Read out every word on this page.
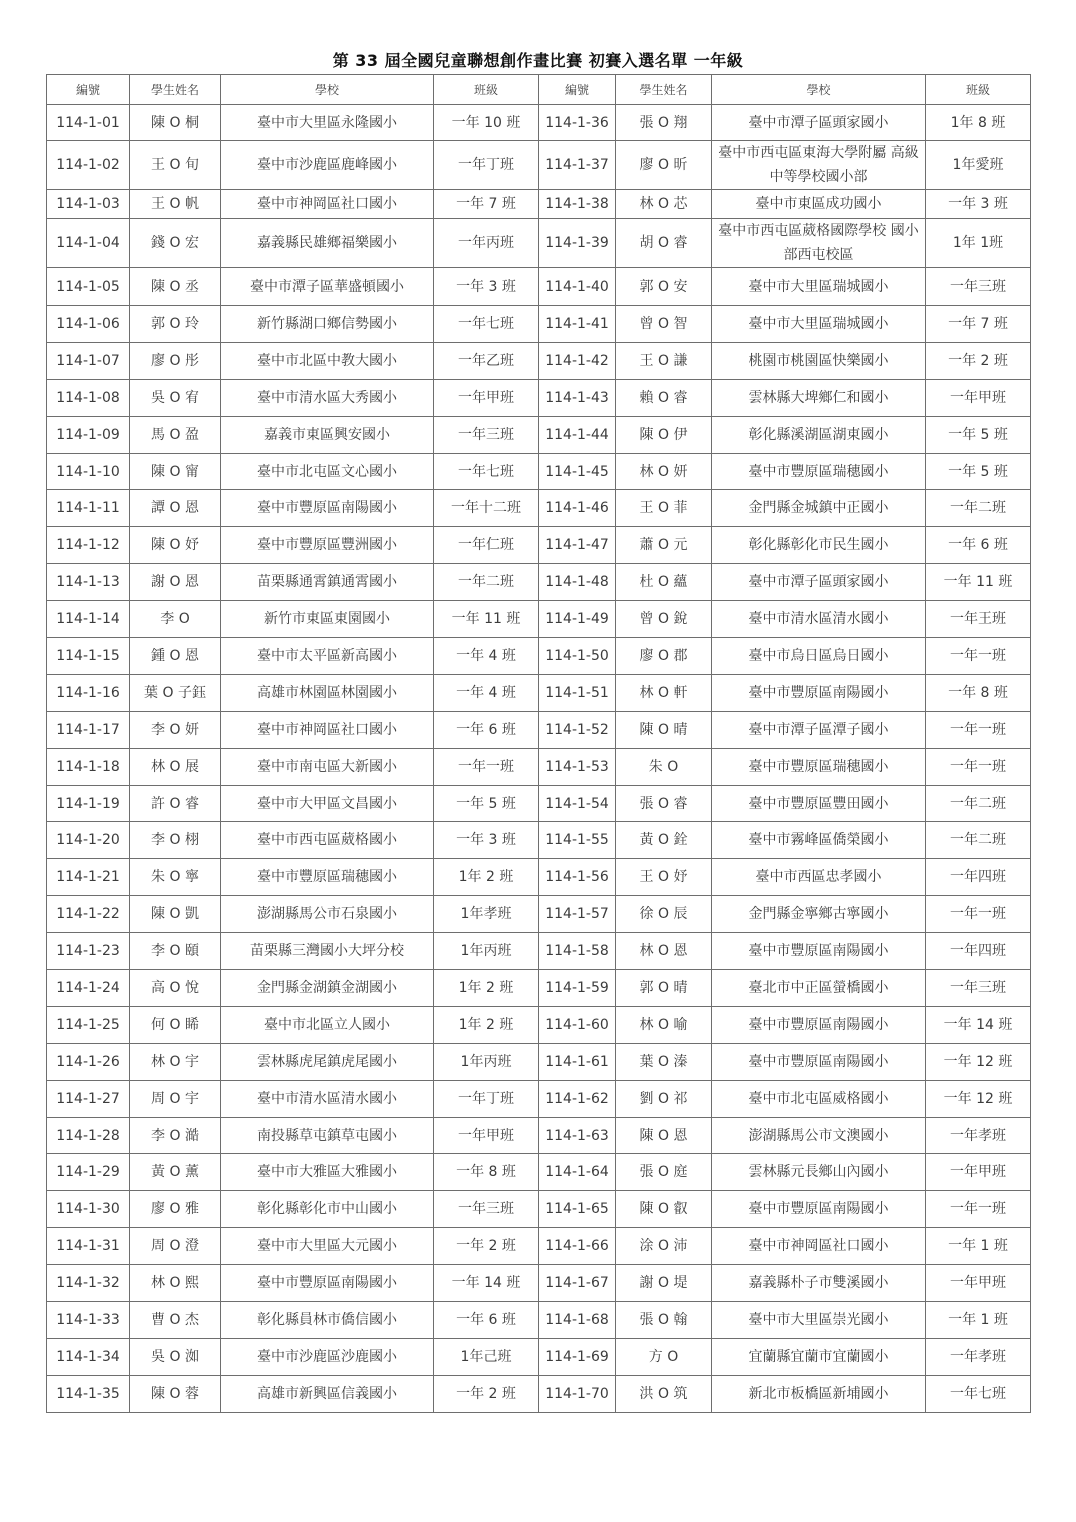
第 33 屆全國兒童聯想創作畫比賽 初賽入選名單 一年級
編號	學生姓名	學校	班級	編號	學生姓名	學校	班級
114-1-01	陳 O 桐	臺中市大里區永隆國小	一年 10 班	114-1-36	張 O 翔	臺中市潭子區頭家國小	1年 8 班
114-1-02	王 O 旬	臺中市沙鹿區鹿峰國小	一年丁班	114-1-37	廖 O 昕	臺中市西屯區東海大學附屬 高級中等學校國小部	1年愛班
114-1-03	王 O 帆	臺中市神岡區社口國小	一年 7 班	114-1-38	林 O 芯	臺中市東區成功國小	一年 3 班
114-1-04	錢 O 宏	嘉義縣民雄鄉福樂國小	一年丙班	114-1-39	胡 O 睿	臺中市西屯區葳格國際學校 國小部西屯校區	1年 1班
114-1-05	陳 O 丞	臺中市潭子區華盛頓國小	一年 3 班	114-1-40	郭 O 安	臺中市大里區瑞城國小	一年三班
114-1-06	郭 O 玲	新竹縣湖口鄉信勢國小	一年七班	114-1-41	曾 O 智	臺中市大里區瑞城國小	一年 7 班
114-1-07	廖 O 彤	臺中市北區中教大國小	一年乙班	114-1-42	王 O 謙	桃園市桃園區快樂國小	一年 2 班
114-1-08	吳 O 宥	臺中市清水區大秀國小	一年甲班	114-1-43	賴 O 睿	雲林縣大埤鄉仁和國小	一年甲班
114-1-09	馬 O 盈	嘉義市東區興安國小	一年三班	114-1-44	陳 O 伊	彰化縣溪湖區湖東國小	一年 5 班
114-1-10	陳 O 甯	臺中市北屯區文心國小	一年七班	114-1-45	林 O 妍	臺中市豐原區瑞穗國小	一年 5 班
114-1-11	譚 O 恩	臺中市豐原區南陽國小	一年十二班	114-1-46	王 O 菲	金門縣金城鎮中正國小	一年二班
114-1-12	陳 O 妤	臺中市豐原區豐洲國小	一年仁班	114-1-47	蕭 O 元	彰化縣彰化市民生國小	一年 6 班
114-1-13	謝 O 恩	苗栗縣通霄鎮通霄國小	一年二班	114-1-48	杜 O 蘊	臺中市潭子區頭家國小	一年 11 班
114-1-14	李 O	新竹市東區東園國小	一年 11 班	114-1-49	曾 O 銳	臺中市清水區清水國小	一年王班
114-1-15	鍾 O 恩	臺中市太平區新高國小	一年 4 班	114-1-50	廖 O 郡	臺中市烏日區烏日國小	一年一班
114-1-16	葉 O 子鈺	高雄市林園區林園國小	一年 4 班	114-1-51	林 O 軒	臺中市豐原區南陽國小	一年 8 班
114-1-17	李 O 妍	臺中市神岡區社口國小	一年 6 班	114-1-52	陳 O 晴	臺中市潭子區潭子國小	一年一班
114-1-18	林 O 展	臺中市南屯區大新國小	一年一班	114-1-53	朱 O	臺中市豐原區瑞穗國小	一年一班
114-1-19	許 O 睿	臺中市大甲區文昌國小	一年 5 班	114-1-54	張 O 睿	臺中市豐原區豐田國小	一年二班
114-1-20	李 O 栩	臺中市西屯區葳格國小	一年 3 班	114-1-55	黃 O 銓	臺中市霧峰區僑榮國小	一年二班
114-1-21	朱 O 寧	臺中市豐原區瑞穗國小	1年 2 班	114-1-56	王 O 妤	臺中市西區忠孝國小	一年四班
114-1-22	陳 O 凱	澎湖縣馬公市石泉國小	1年孝班	114-1-57	徐 O 辰	金門縣金寧鄉古寧國小	一年一班
114-1-23	李 O 頤	苗栗縣三灣國小大坪分校	1年丙班	114-1-58	林 O 恩	臺中市豐原區南陽國小	一年四班
114-1-24	高 O 悅	金門縣金湖鎮金湖國小	1年 2 班	114-1-59	郭 O 晴	臺北市中正區螢橋國小	一年三班
114-1-25	何 O 睎	臺中市北區立人國小	1年 2 班	114-1-60	林 O 喻	臺中市豐原區南陽國小	一年 14 班
114-1-26	林 O 宇	雲林縣虎尾鎮虎尾國小	1年丙班	114-1-61	葉 O 溱	臺中市豐原區南陽國小	一年 12 班
114-1-27	周 O 宇	臺中市清水區清水國小	一年丁班	114-1-62	劉 O 祁	臺中市北屯區威格國小	一年 12 班
114-1-28	李 O 澔	南投縣草屯鎮草屯國小	一年甲班	114-1-63	陳 O 恩	澎湖縣馬公市文澳國小	一年孝班
114-1-29	黃 O 薰	臺中市大雅區大雅國小	一年 8 班	114-1-64	張 O 庭	雲林縣元長鄉山內國小	一年甲班
114-1-30	廖 O 雅	彰化縣彰化市中山國小	一年三班	114-1-65	陳 O 叡	臺中市豐原區南陽國小	一年一班
114-1-31	周 O 澄	臺中市大里區大元國小	一年 2 班	114-1-66	涂 O 沛	臺中市神岡區社口國小	一年 1 班
114-1-32	林 O 熙	臺中市豐原區南陽國小	一年 14 班	114-1-67	謝 O 堤	嘉義縣朴子市雙溪國小	一年甲班
114-1-33	曹 O 杰	彰化縣員林市僑信國小	一年 6 班	114-1-68	張 O 翰	臺中市大里區崇光國小	一年 1 班
114-1-34	吳 O 洳	臺中市沙鹿區沙鹿國小	1年己班	114-1-69	方 O	宜蘭縣宜蘭市宜蘭國小	一年孝班
114-1-35	陳 O 蓉	高雄市新興區信義國小	一年 2 班	114-1-70	洪 O 筑	新北市板橋區新埔國小	一年七班
